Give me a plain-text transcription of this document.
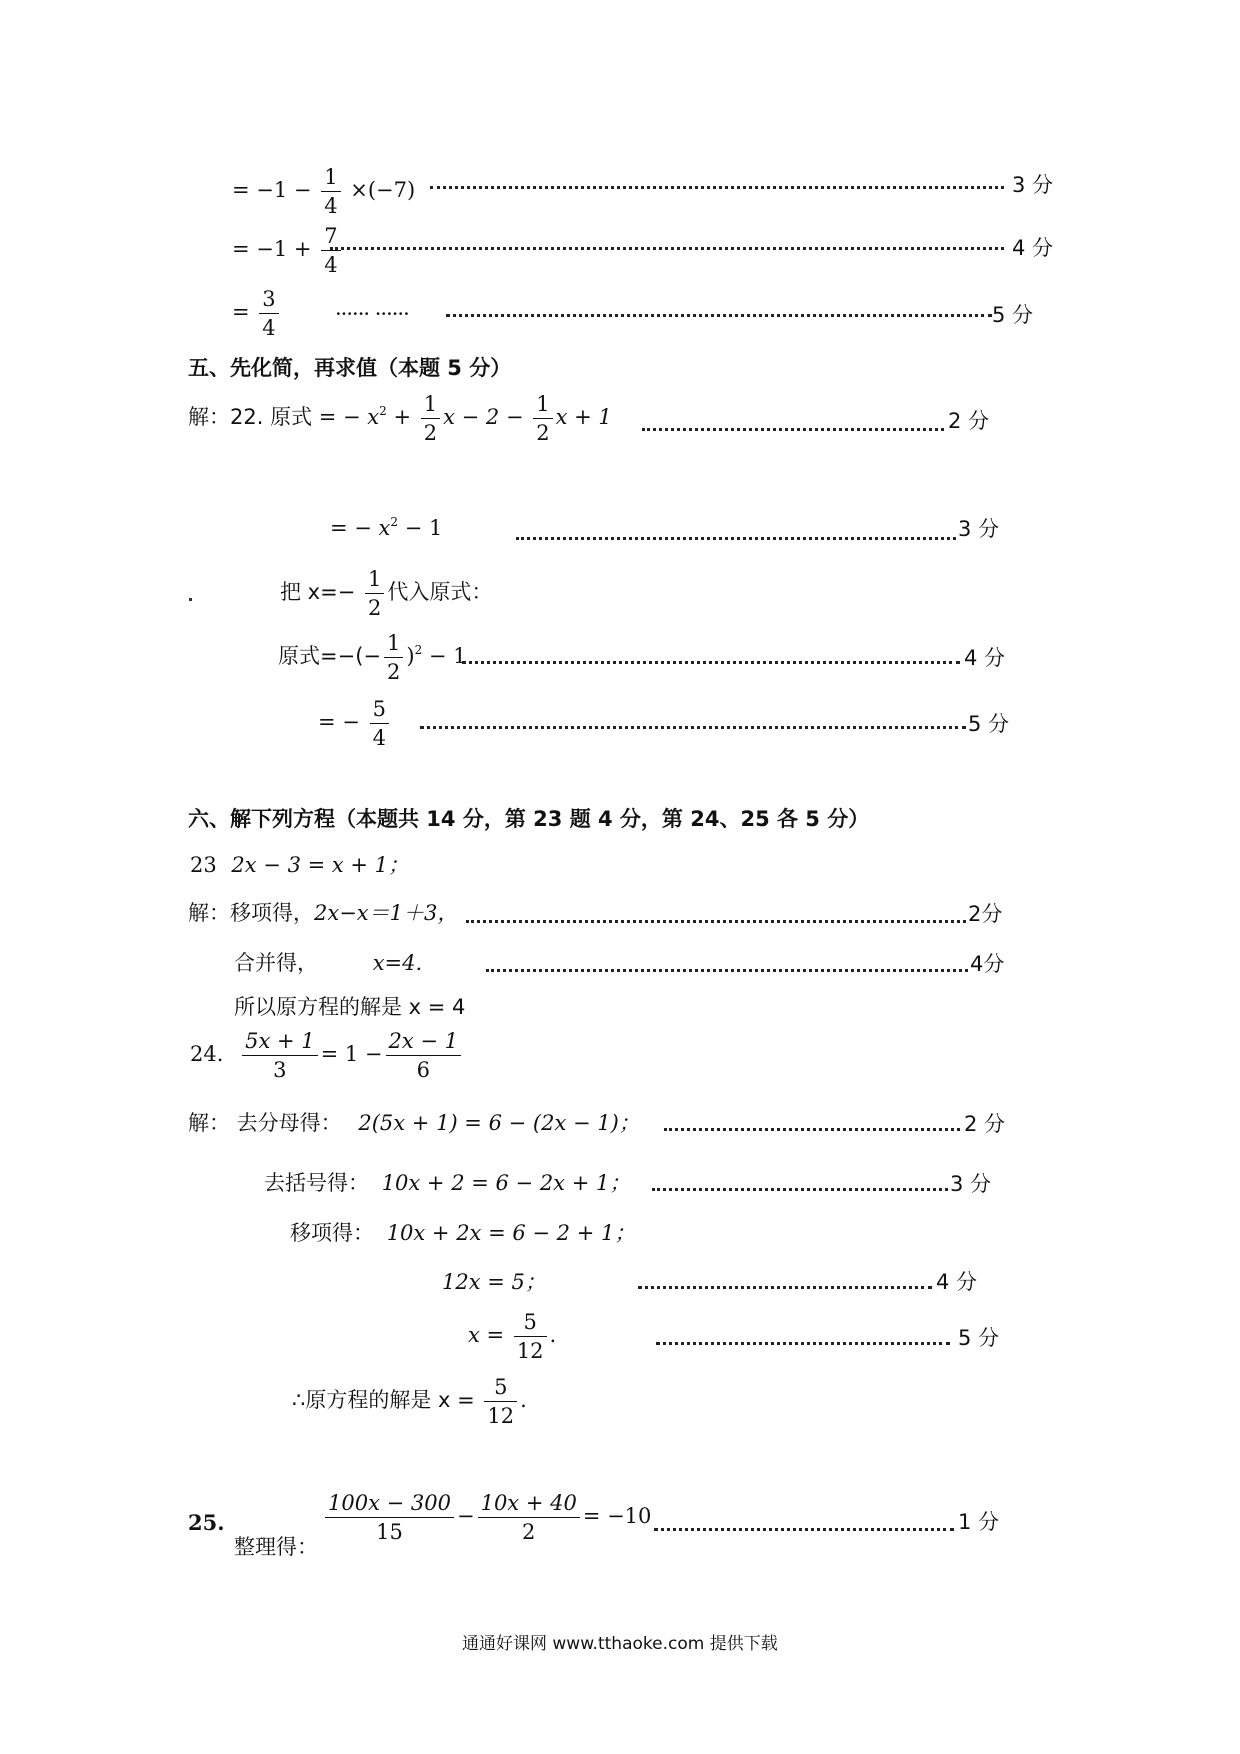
= $-1 - \frac{1}{4} \times(-7)$	3 分
= $-1 + \frac{7}{4}$	4 分
= $\frac{3}{4}$	······ ······	5 分
五、先化简，再求值（本题 5 分）
解：22. 原式 = − $x^2 + \frac{1}{2}$ $x - 2 - \frac{1}{2}$ x + 1	2 分
= − $x^2 - 1$	3 分
把 $x=- \frac{1}{2}$ 代入原式：
原式=−(− $\frac{1}{2} )^2 - 1$	4 分
= − $\frac{5}{4}$	5 分
六、解下列方程（本题共 14 分，第 23 题 4 分，第 24、25 各 5 分）
23 2x − 3 = x + 1；
解：移项得，2x−x＝1＋3，	2分
合并得，	x=4.	4分
所以原方程的解是 x = 4
24. $\frac{5x + 1}{3} = 1 - \frac{2x - 1}{6}$
解： 去分母得： 2(5x + 1) = 6 − (2x − 1)；	2 分
去括号得： 10x + 2 = 6 − 2x + 1；	3 分
移项得： 10x + 2x = 6 − 2 + 1；
12x = 5；	4 分
$x = \frac{5}{12}$ .	5 分
∴原方程的解是 $x = \frac{5}{12}$ .
25.
整理得：
$\frac{100x - 300}{15} - \frac{10x + 40}{2} = -10$	1 分
通通好课网 www.tthaoke.com 提供下载
